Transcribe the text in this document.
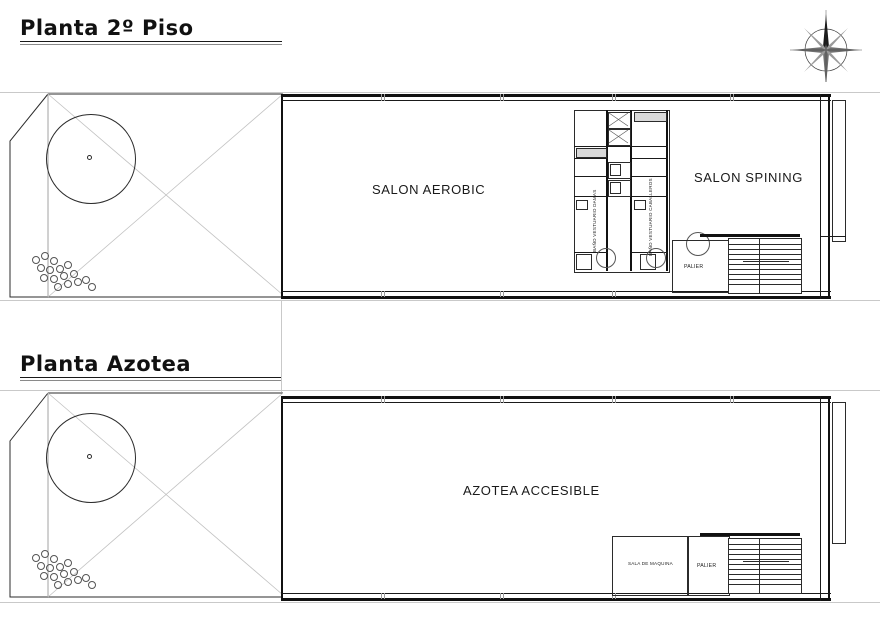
Planta 2º Piso
SALON AEROBIC
SALON SPINING
BAÑO VESTUARIO DAMAS	BAÑO VESTUARIO CABALLEROS
PALIER
Planta Azotea
AZOTEA ACCESIBLE
SALA DE MAQUINA	PALIER
